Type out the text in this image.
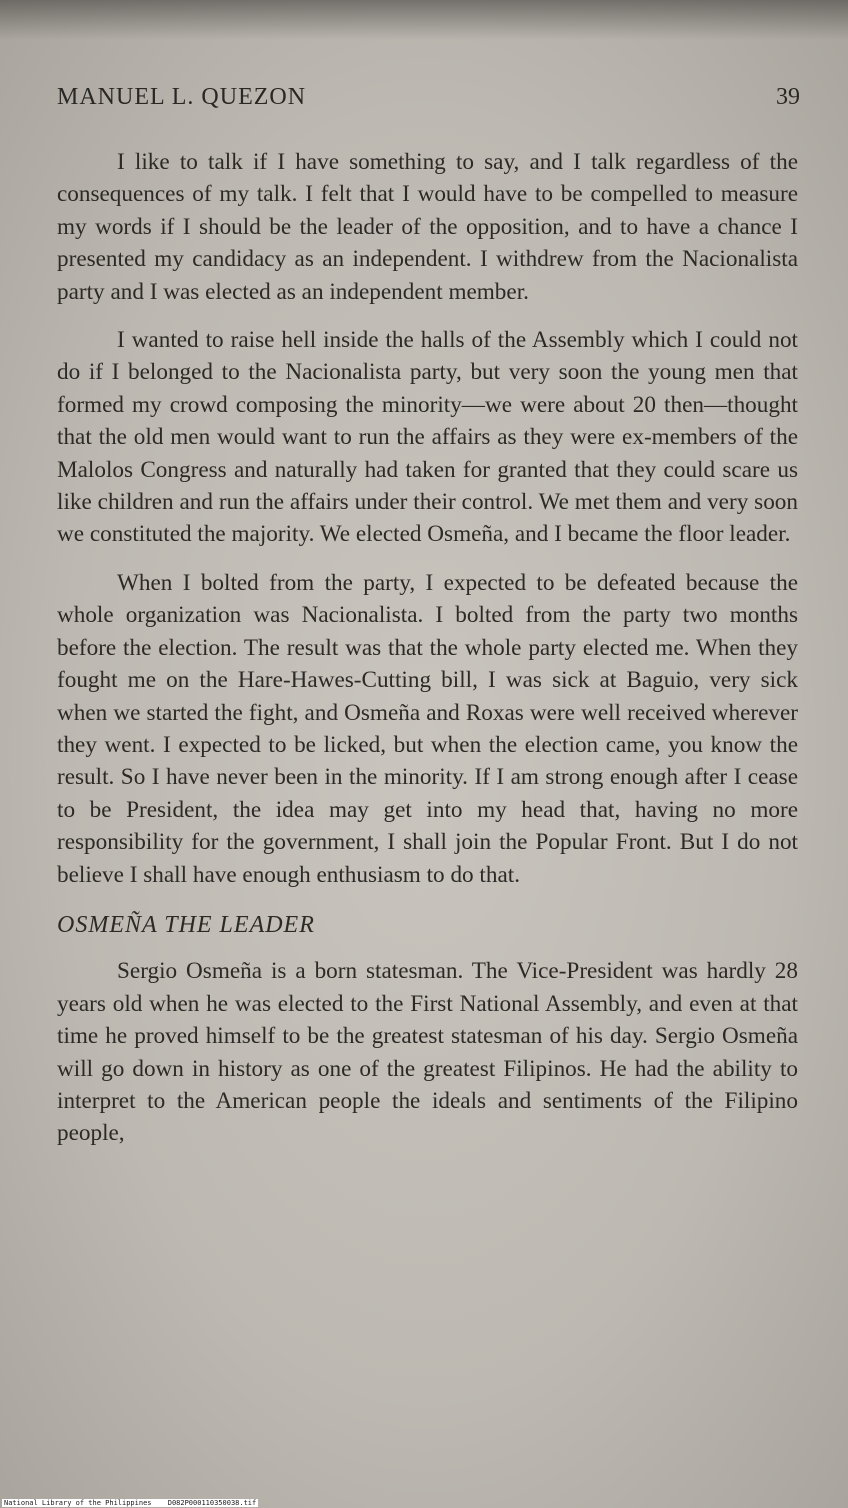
MANUEL L. QUEZON	39

I like to talk if I have something to say, and I talk regardless of the consequences of my talk. I felt that I would have to be compelled to measure my words if I should be the leader of the opposition, and to have a chance I presented my candidacy as an independent. I withdrew from the Nacionalista party and I was elected as an independent member.

I wanted to raise hell inside the halls of the Assembly which I could not do if I belonged to the Nacionalista party, but very soon the young men that formed my crowd composing the minority—we were about 20 then—thought that the old men would want to run the affairs as they were ex-members of the Malolos Congress and naturally had taken for granted that they could scare us like children and run the affairs under their control. We met them and very soon we constituted the majority. We elected Osmeña, and I became the floor leader.

When I bolted from the party, I expected to be defeated because the whole organization was Nacionalista. I bolted from the party two months before the election. The result was that the whole party elected me. When they fought me on the Hare-Hawes-Cutting bill, I was sick at Baguio, very sick when we started the fight, and Osmeña and Roxas were well received wherever they went. I expected to be licked, but when the election came, you know the result. So I have never been in the minority. If I am strong enough after I cease to be President, the idea may get into my head that, having no more responsibility for the government, I shall join the Popular Front. But I do not believe I shall have enough enthusiasm to do that.

OSMEÑA THE LEADER

Sergio Osmeña is a born statesman. The Vice-President was hardly 28 years old when he was elected to the First National Assembly, and even at that time he proved himself to be the greatest statesman of his day. Sergio Osmeña will go down in history as one of the greatest Filipinos. He had the ability to interpret to the American people the ideals and sentiments of the Filipino people,

National Library of the Philippines D082P000110350038.tif
